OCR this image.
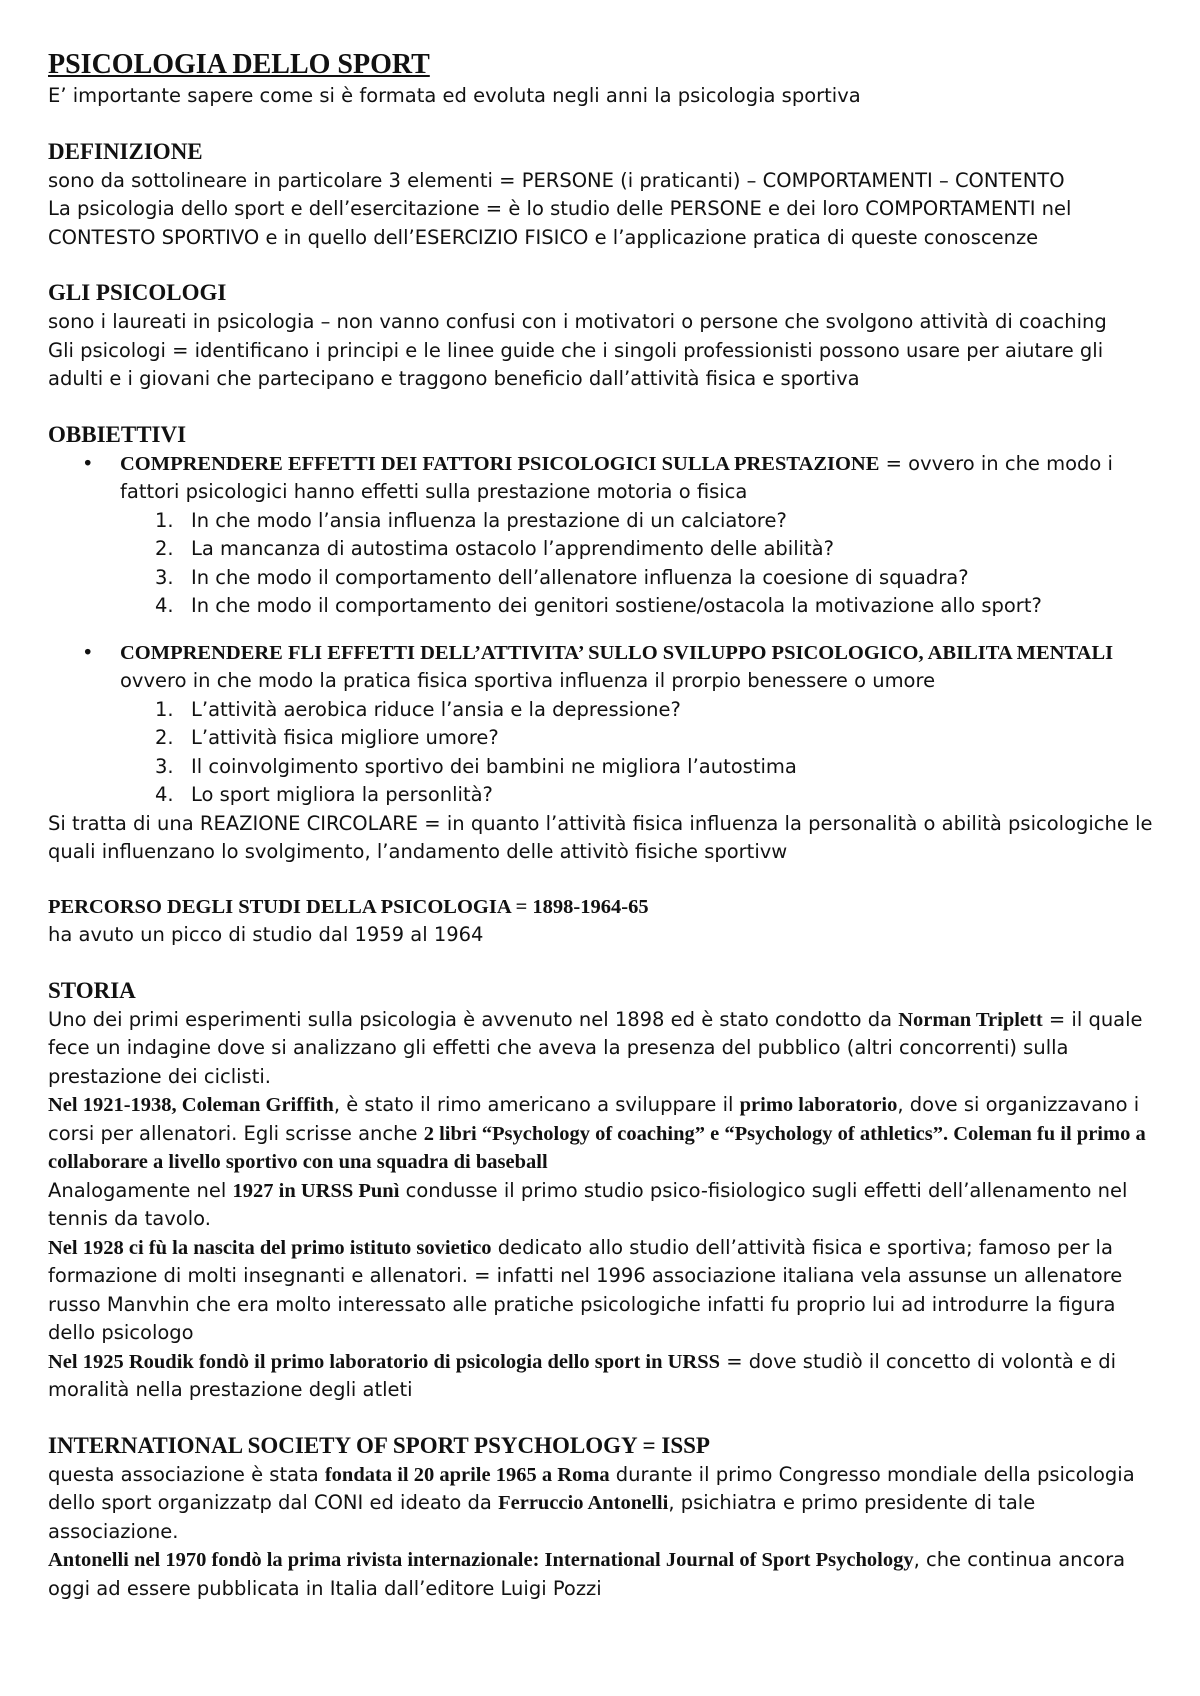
PSICOLOGIA DELLO SPORT

E’ importante sapere come si è formata ed evoluta negli anni la psicologia sportiva

DEFINIZIONE

sono da sottolineare in particolare 3 elementi = PERSONE (i praticanti) – COMPORTAMENTI – CONTENTO

La psicologia dello sport e dell’esercitazione = è lo studio delle PERSONE e dei loro COMPORTAMENTI nel CONTESTO SPORTIVO e in quello dell’ESERCIZIO FISICO e l’applicazione pratica di queste conoscenze

GLI PSICOLOGI

sono i laureati in psicologia – non vanno confusi con i motivatori o persone che svolgono attività di coaching

Gli psicologi = identificano i principi e le linee guide che i singoli professionisti possono usare per aiutare gli adulti e i giovani che partecipano e traggono beneficio dall’attività fisica e sportiva

OBBIETTIVI
• COMPRENDERE EFFETTI DEI FATTORI PSICOLOGICI SULLA PRESTAZIONE = ovvero in che modo i fattori psicologici hanno effetti sulla prestazione motoria o fisica
1. In che modo l’ansia influenza la prestazione di un calciatore?
2. La mancanza di autostima ostacolo l’apprendimento delle abilità?
3. In che modo il comportamento dell’allenatore influenza la coesione di squadra?
4. In che modo il comportamento dei genitori sostiene/ostacola la motivazione allo sport?
• COMPRENDERE FLI EFFETTI DELL’ATTIVITA’ SULLO SVILUPPO PSICOLOGICO, ABILITA MENTALI ovvero in che modo la pratica fisica sportiva influenza il prorpio benessere o umore
1. L’attività aerobica riduce l’ansia e la depressione?
2. L’attività fisica migliore umore?
3. Il coinvolgimento sportivo dei bambini ne migliora l’autostima
4. Lo sport migliora la personlità?

Si tratta di una REAZIONE CIRCOLARE = in quanto l’attività fisica influenza la personalità o abilità psicologiche le quali influenzano lo svolgimento, l’andamento delle attivitò fisiche sportivw

PERCORSO DEGLI STUDI DELLA PSICOLOGIA = 1898-1964-65

ha avuto un picco di studio dal 1959 al 1964

STORIA

Uno dei primi esperimenti sulla psicologia è avvenuto nel 1898 ed è stato condotto da Norman Triplett = il quale fece un indagine dove si analizzano gli effetti che aveva la presenza del pubblico (altri concorrenti) sulla prestazione dei ciclisti.

Nel 1921-1938, Coleman Griffith, è stato il rimo americano a sviluppare il primo laboratorio, dove si organizzavano i corsi per allenatori. Egli scrisse anche 2 libri “Psychology of coaching” e “Psychology of athletics”. Coleman fu il primo a collaborare a livello sportivo con una squadra di baseball

Analogamente nel 1927 in URSS Punì condusse il primo studio psico-fisiologico sugli effetti dell’allenamento nel tennis da tavolo.

Nel 1928 ci fù la nascita del primo istituto sovietico dedicato allo studio dell’attività fisica e sportiva; famoso per la formazione di molti insegnanti e allenatori. = infatti nel 1996 associazione italiana vela assunse un allenatore russo Manvhin che era molto interessato alle pratiche psicologiche infatti fu proprio lui ad introdurre la figura dello psicologo

Nel 1925 Roudik fondò il primo laboratorio di psicologia dello sport in URSS = dove studiò il concetto di volontà e di moralità nella prestazione degli atleti

INTERNATIONAL SOCIETY OF SPORT PSYCHOLOGY = ISSP

questa associazione è stata fondata il 20 aprile 1965 a Roma durante il primo Congresso mondiale della psicologia dello sport organizzatp dal CONI ed ideato da Ferruccio Antonelli, psichiatra e primo presidente di tale associazione.

Antonelli nel 1970 fondò la prima rivista internazionale: International Journal of Sport Psychology, che continua ancora oggi ad essere pubblicata in Italia dall’editore Luigi Pozzi
